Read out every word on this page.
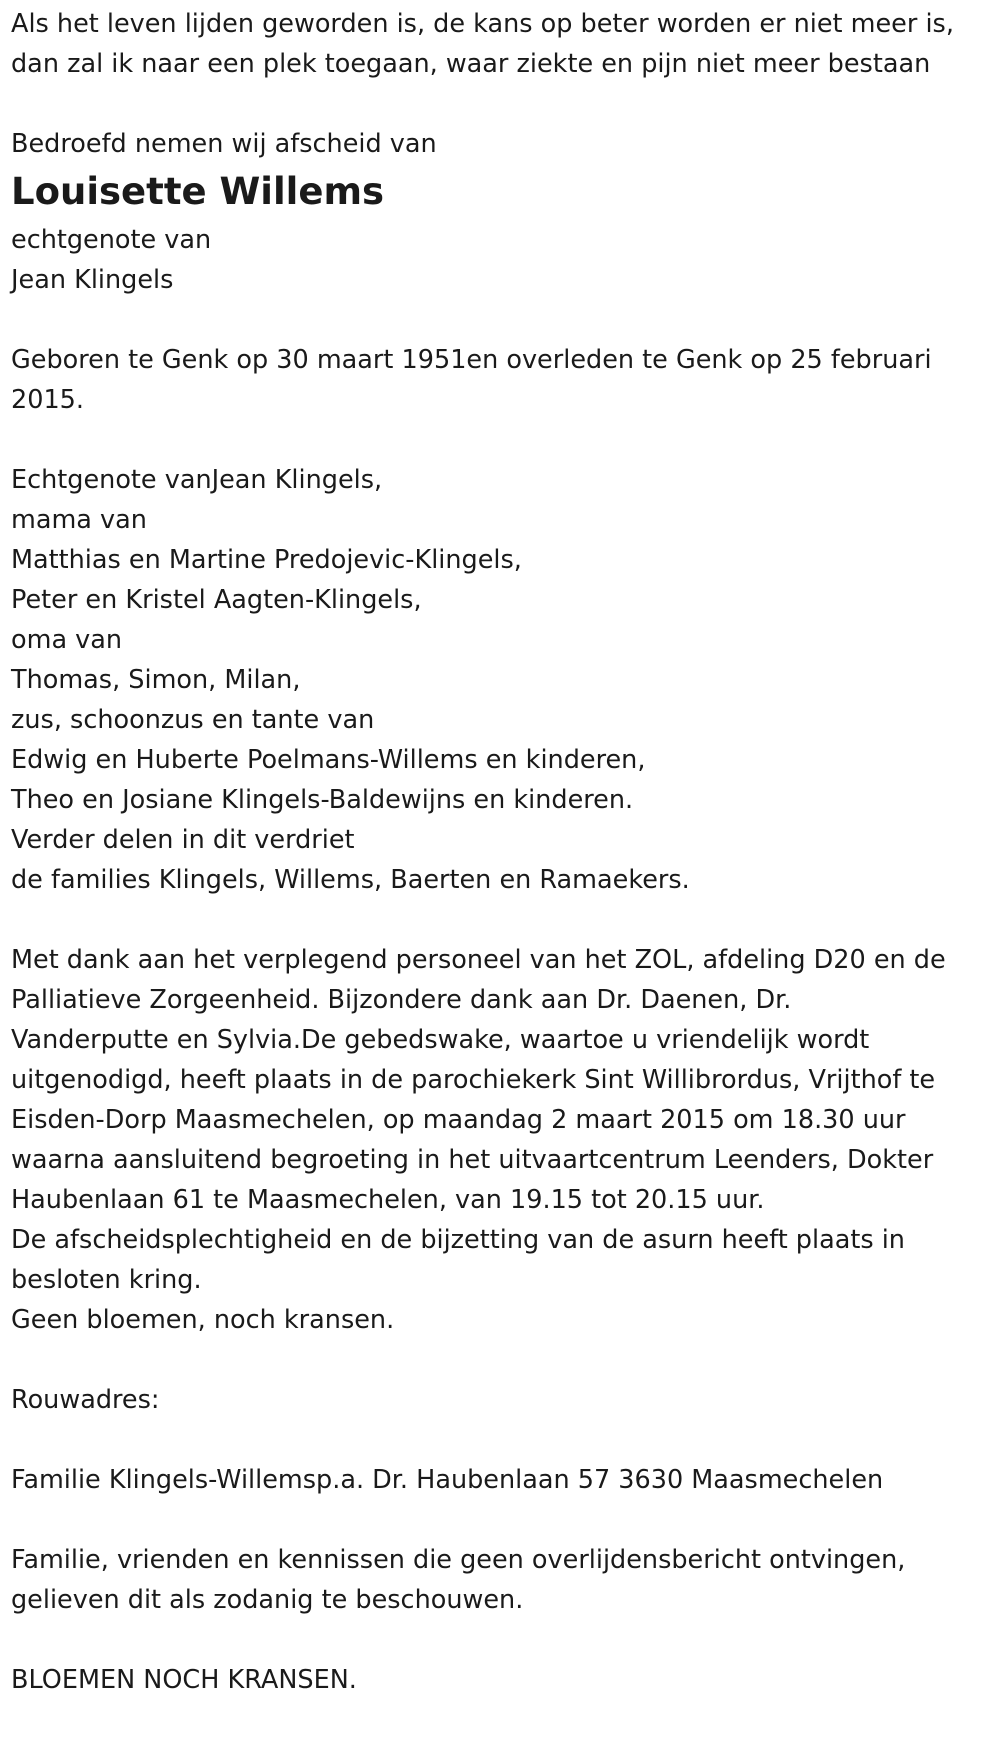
Als het leven lijden geworden is, de kans op beter worden er niet meer is,
dan zal ik naar een plek toegaan, waar ziekte en pijn niet meer bestaan
Bedroefd nemen wij afscheid van
Louisette Willems
echtgenote van
Jean Klingels
Geboren te Genk op 30 maart 1951en overleden te Genk op 25 februari
2015.
Echtgenote vanJean Klingels,
mama van
Matthias en Martine Predojevic-Klingels,
Peter en Kristel Aagten-Klingels,
oma van
Thomas, Simon, Milan,
zus, schoonzus en tante van
Edwig en Huberte Poelmans-Willems en kinderen,
Theo en Josiane Klingels-Baldewijns en kinderen.
Verder delen in dit verdriet
de families Klingels, Willems, Baerten en Ramaekers.
Met dank aan het verplegend personeel van het ZOL, afdeling D20 en de
Palliatieve Zorgeenheid. Bijzondere dank aan Dr. Daenen, Dr.
Vanderputte en Sylvia.De gebedswake, waartoe u vriendelijk wordt
uitgenodigd, heeft plaats in de parochiekerk Sint Willibrordus, Vrijthof te
Eisden-Dorp Maasmechelen, op maandag 2 maart 2015 om 18.30 uur
waarna aansluitend begroeting in het uitvaartcentrum Leenders, Dokter
Haubenlaan 61 te Maasmechelen, van 19.15 tot 20.15 uur.
De afscheidsplechtigheid en de bijzetting van de asurn heeft plaats in
besloten kring.
Geen bloemen, noch kransen.
Rouwadres:
Familie Klingels-Willemsp.a. Dr. Haubenlaan 57 3630 Maasmechelen
Familie, vrienden en kennissen die geen overlijdensbericht ontvingen,
gelieven dit als zodanig te beschouwen.
BLOEMEN NOCH KRANSEN.
